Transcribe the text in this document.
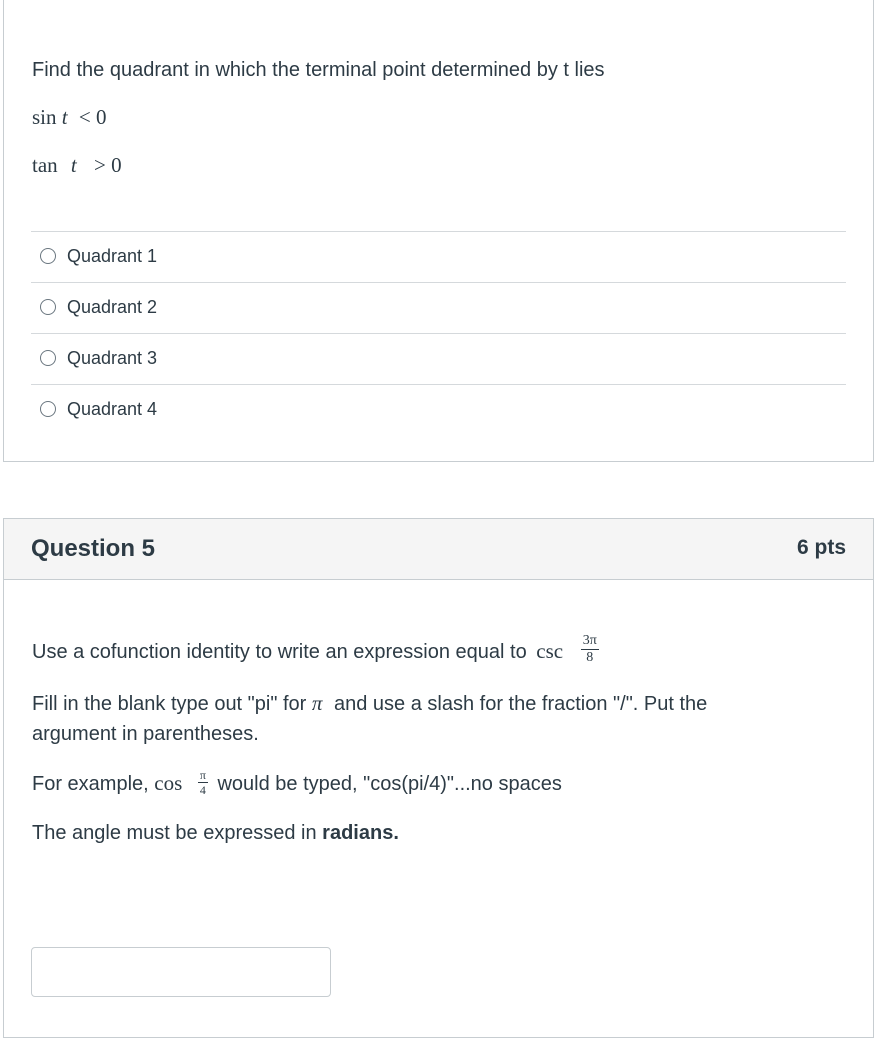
Find the quadrant in which the terminal point determined by t lies
sin t < 0
tan t > 0
Quadrant 1
Quadrant 2
Quadrant 3
Quadrant 4
Question 5	6 pts
Use a cofunction identity to write an expression equal to $\csc \frac{3\pi}{8}$
Fill in the blank type out "pi" for π and use a slash for the fraction "/". Put the
argument in parentheses.
For example, $\cos \frac{\pi}{4}$ would be typed, "cos(pi/4)"...no spaces
The angle must be expressed in radians.
